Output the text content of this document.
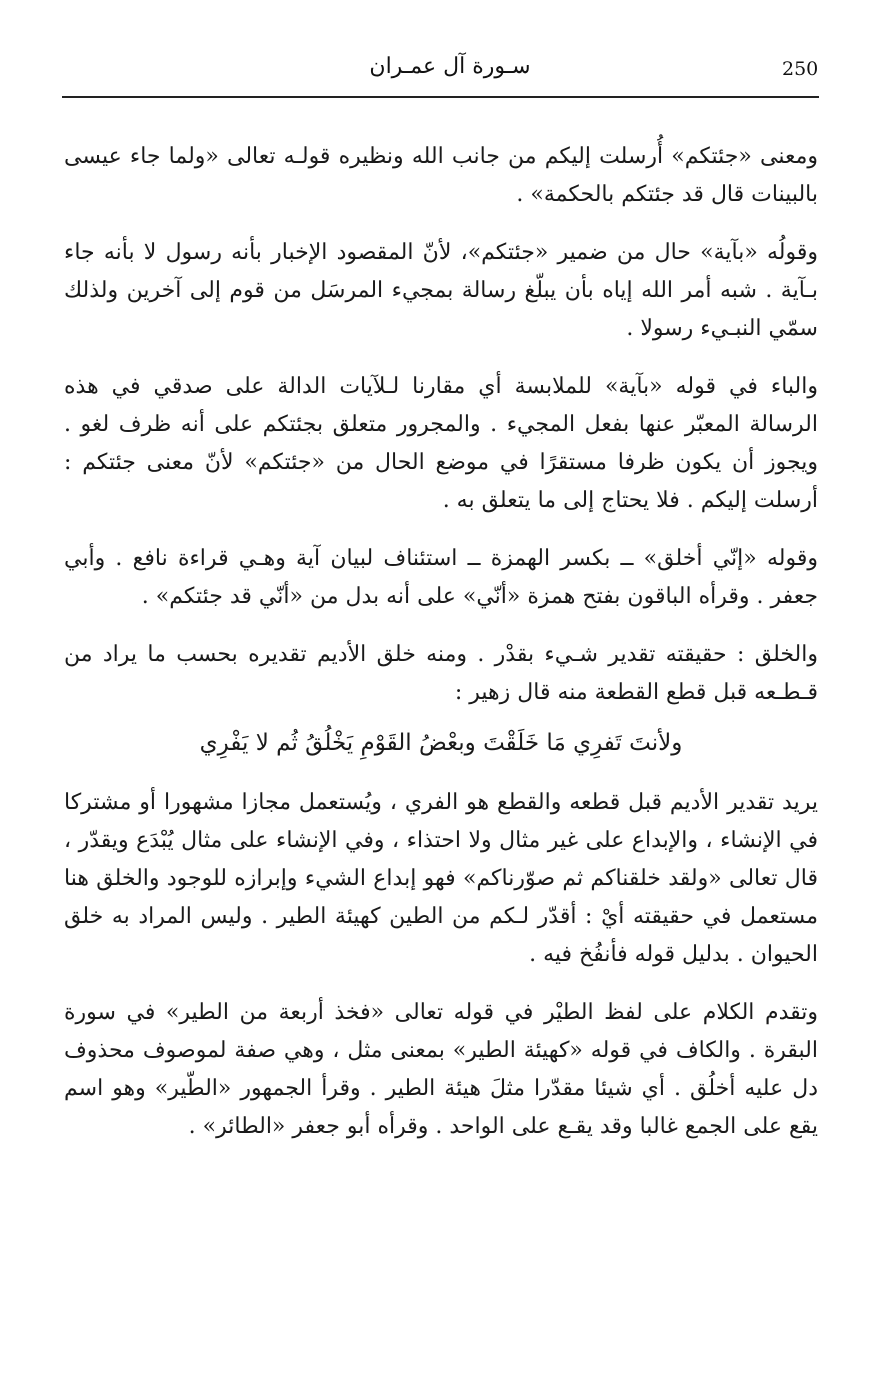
250
سـورة آل عمـران

ومعنى «جئتكم» أُرسلت إليكم من جانب الله ونظيره قولـه تعالى «ولما جاء عيسى بالبينات قال قد جئتكم بالحكمة» .

وقولُه «بآية» حال من ضمير «جئتكم»، لأنّ المقصود الإخبار بأنه رسول لا بأنه جاء بـآية . شبه أمر الله إياه بأن يبلّغ رسالة بمجيء المرسَل من قوم إلى آخرين ولذلك سمّي النبـيء رسولا .

والباء في قوله «بآية» للملابسة أي مقارنا لـلآيات الدالة على صدقي في هذه الرسالة المعبّر عنها بفعل المجيء . والمجرور متعلق بجئتكم على أنه ظرف لغو . ويجوز أن يكون ظرفا مستقرًا في موضع الحال من «جئتكم» لأنّ معنى جئتكم : أرسلت إليكم . فلا يحتاج إلى ما يتعلق به .

وقوله «إنّي أخلق» ــ بكسر الهمزة ــ استئناف لبيان آية وهـي قراءة نافع . وأبي جعفر . وقرأه الباقون بفتح همزة «أنّي» على أنه بدل من «أنّي قد جئتكم» .

والخلق : حقيقته تقدير شـيء بقدْر . ومنه خلق الأديم تقديره بحسب ما يراد من قـطـعه قبل قطع القطعة منه قال زهير :

ولأنتَ تَفرِي مَا خَلَقْتَ وبعْضُ القَوْمِ يَخْلُقُ ثُم لا يَفْرِي

يريد تقدير الأديم قبل قطعه والقطع هو الفري ، ويُستعمل مجازا مشهورا أو مشتركا في الإنشاء ، والإبداع على غير مثال ولا احتذاء ، وفي الإنشاء على مثال يُبْدَع ويقدّر ، قال تعالى «ولقد خلقناكم ثم صوّرناكم» فهو إبداع الشيء وإبرازه للوجود والخلق هنا مستعمل في حقيقته أيْ : أقدّر لـكم من الطين كهيئة الطير . وليس المراد به خلق الحيوان . بدليل قوله فأنفُخ فيه .

وتقدم الكلام على لفظ الطيْر في قوله تعالى «فخذ أربعة من الطير» في سورة البقرة . والكاف في قوله «كهيئة الطير» بمعنى مثل ، وهي صفة لموصوف محذوف دل عليه أخلُق . أي شيئا مقدّرا مثلَ هيئة الطير . وقرأ الجمهور «الطّير» وهو اسم يقع على الجمع غالبا وقد يقـع على الواحد . وقرأه أبو جعفر «الطائر» .
